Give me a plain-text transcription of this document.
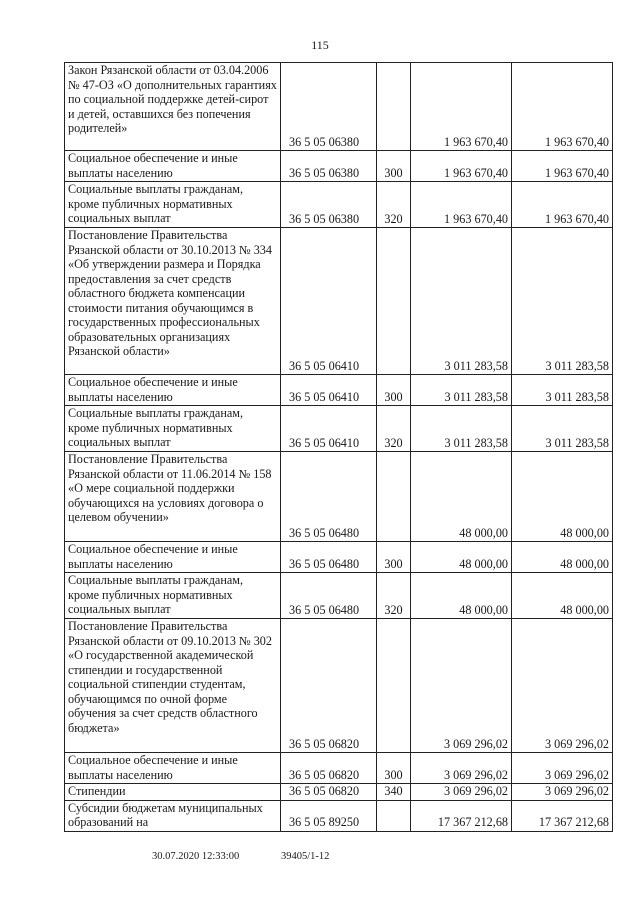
115
Закон Рязанской области от 03.04.2006 № 47-ОЗ «О дополнительных гарантиях по социальной поддержке детей-сирот и детей, оставшихся без попечения родителей»	36 5 05 06380		1 963 670,40	1 963 670,40
Социальное обеспечение и иные выплаты населению	36 5 05 06380	300	1 963 670,40	1 963 670,40
Социальные выплаты гражданам, кроме публичных нормативных социальных выплат	36 5 05 06380	320	1 963 670,40	1 963 670,40
Постановление Правительства Рязанской области от 30.10.2013 № 334 «Об утверждении размера и Порядка предоставления за счет средств областного бюджета компенсации стоимости питания обучающимся в государственных профессиональных образовательных организациях Рязанской области»	36 5 05 06410		3 011 283,58	3 011 283,58
Социальное обеспечение и иные выплаты населению	36 5 05 06410	300	3 011 283,58	3 011 283,58
Социальные выплаты гражданам, кроме публичных нормативных социальных выплат	36 5 05 06410	320	3 011 283,58	3 011 283,58
Постановление Правительства Рязанской области от 11.06.2014 № 158 «О мере социальной поддержки обучающихся на условиях договора о целевом обучении»	36 5 05 06480		48 000,00	48 000,00
Социальное обеспечение и иные выплаты населению	36 5 05 06480	300	48 000,00	48 000,00
Социальные выплаты гражданам, кроме публичных нормативных социальных выплат	36 5 05 06480	320	48 000,00	48 000,00
Постановление Правительства Рязанской области от 09.10.2013 № 302 «О государственной академической стипендии и государственной социальной стипендии студентам, обучающимся по очной форме обучения за счет средств областного бюджета»	36 5 05 06820		3 069 296,02	3 069 296,02
Социальное обеспечение и иные выплаты населению	36 5 05 06820	300	3 069 296,02	3 069 296,02
Стипендии	36 5 05 06820	340	3 069 296,02	3 069 296,02
Субсидии бюджетам муниципальных образований на	36 5 05 89250		17 367 212,68	17 367 212,68
30.07.2020 12:33:00	39405/1-12
